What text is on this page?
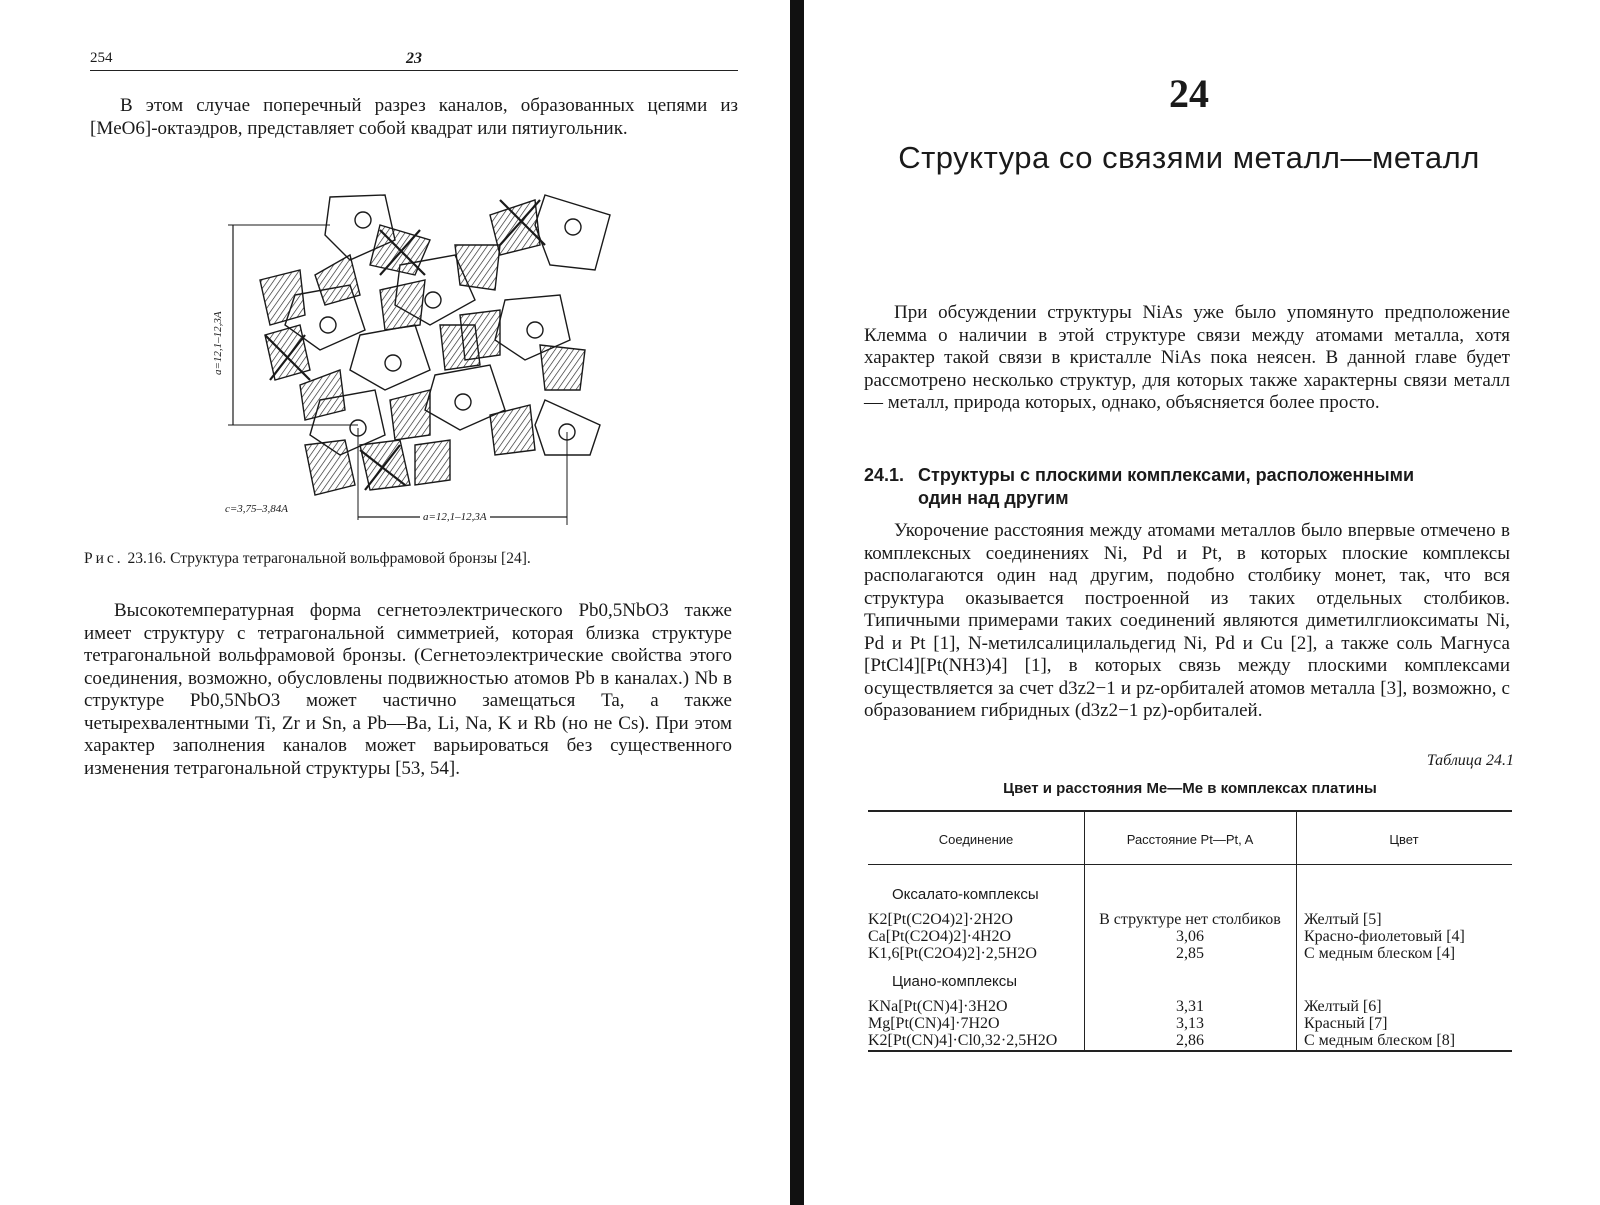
254	23
В этом случае поперечный разрез каналов, образованных цепями из [MeO6]-октаэдров, представляет собой квадрат или пятиугольник.
a=12,1–12,3A
c=3,75–3,84A
a=12,1–12,3A
Рис. 23.16. Структура тетрагональной вольфрамовой бронзы [24].
Высокотемпературная форма сегнетоэлектрического Pb0,5NbO3 также имеет структуру с тетрагональной симметрией, которая близка структуре тетрагональной вольфрамовой бронзы. (Сегнетоэлектрические свойства этого соединения, возможно, обусловлены подвижностью атомов Pb в каналах.) Nb в структуре Pb0,5NbO3 может частично замещаться Ta, а также четырехвалентными Ti, Zr и Sn, а Pb—Ba, Li, Na, K и Rb (но не Cs). При этом характер заполнения каналов может варьироваться без существенного изменения тетрагональной структуры [53, 54].
24
Структура со связями металл—металл
При обсуждении структуры NiAs уже было упомянуто предположение Клемма о наличии в этой структуре связи между атомами металла, хотя характер такой связи в кристалле NiAs пока неясен. В данной главе будет рассмотрено несколько структур, для которых также характерны связи металл — металл, природа которых, однако, объясняется более просто.
24.1. Структуры с плоскими комплексами, расположенными
один над другим
Укорочение расстояния между атомами металлов было впервые отмечено в комплексных соединениях Ni, Pd и Pt, в которых плоские комплексы располагаются один над другим, подобно столбику монет, так, что вся структура оказывается построенной из таких отдельных столбиков. Типичными примерами таких соединений являются диметилглиоксиматы Ni, Pd и Pt [1], N-метилсалицилальдегид Ni, Pd и Cu [2], а также соль Магнуса [PtCl4][Pt(NH3)4] [1], в которых связь между плоскими комплексами осуществляется за счет d3z2−1 и pz-орбиталей атомов металла [3], возможно, с образованием гибридных (d3z2−1 pz)-орбиталей.
Таблица 24.1
Цвет и расстояния Me—Me в комплексах платины
Соединение	Расстояние Pt—Pt, A	Цвет
Оксалато-комплексы
K2[Pt(C2O4)2]·2H2O	В структуре нет столбиков	Желтый [5]
Ca[Pt(C2O4)2]·4H2O	3,06	Красно-фиолетовый [4]
K1,6[Pt(C2O4)2]·2,5H2O	2,85	С медным блеском [4]
Циано-комплексы
KNa[Pt(CN)4]·3H2O	3,31	Желтый [6]
Mg[Pt(CN)4]·7H2O	3,13	Красный [7]
K2[Pt(CN)4]·Cl0,32·2,5H2O	2,86	С медным блеском [8]
